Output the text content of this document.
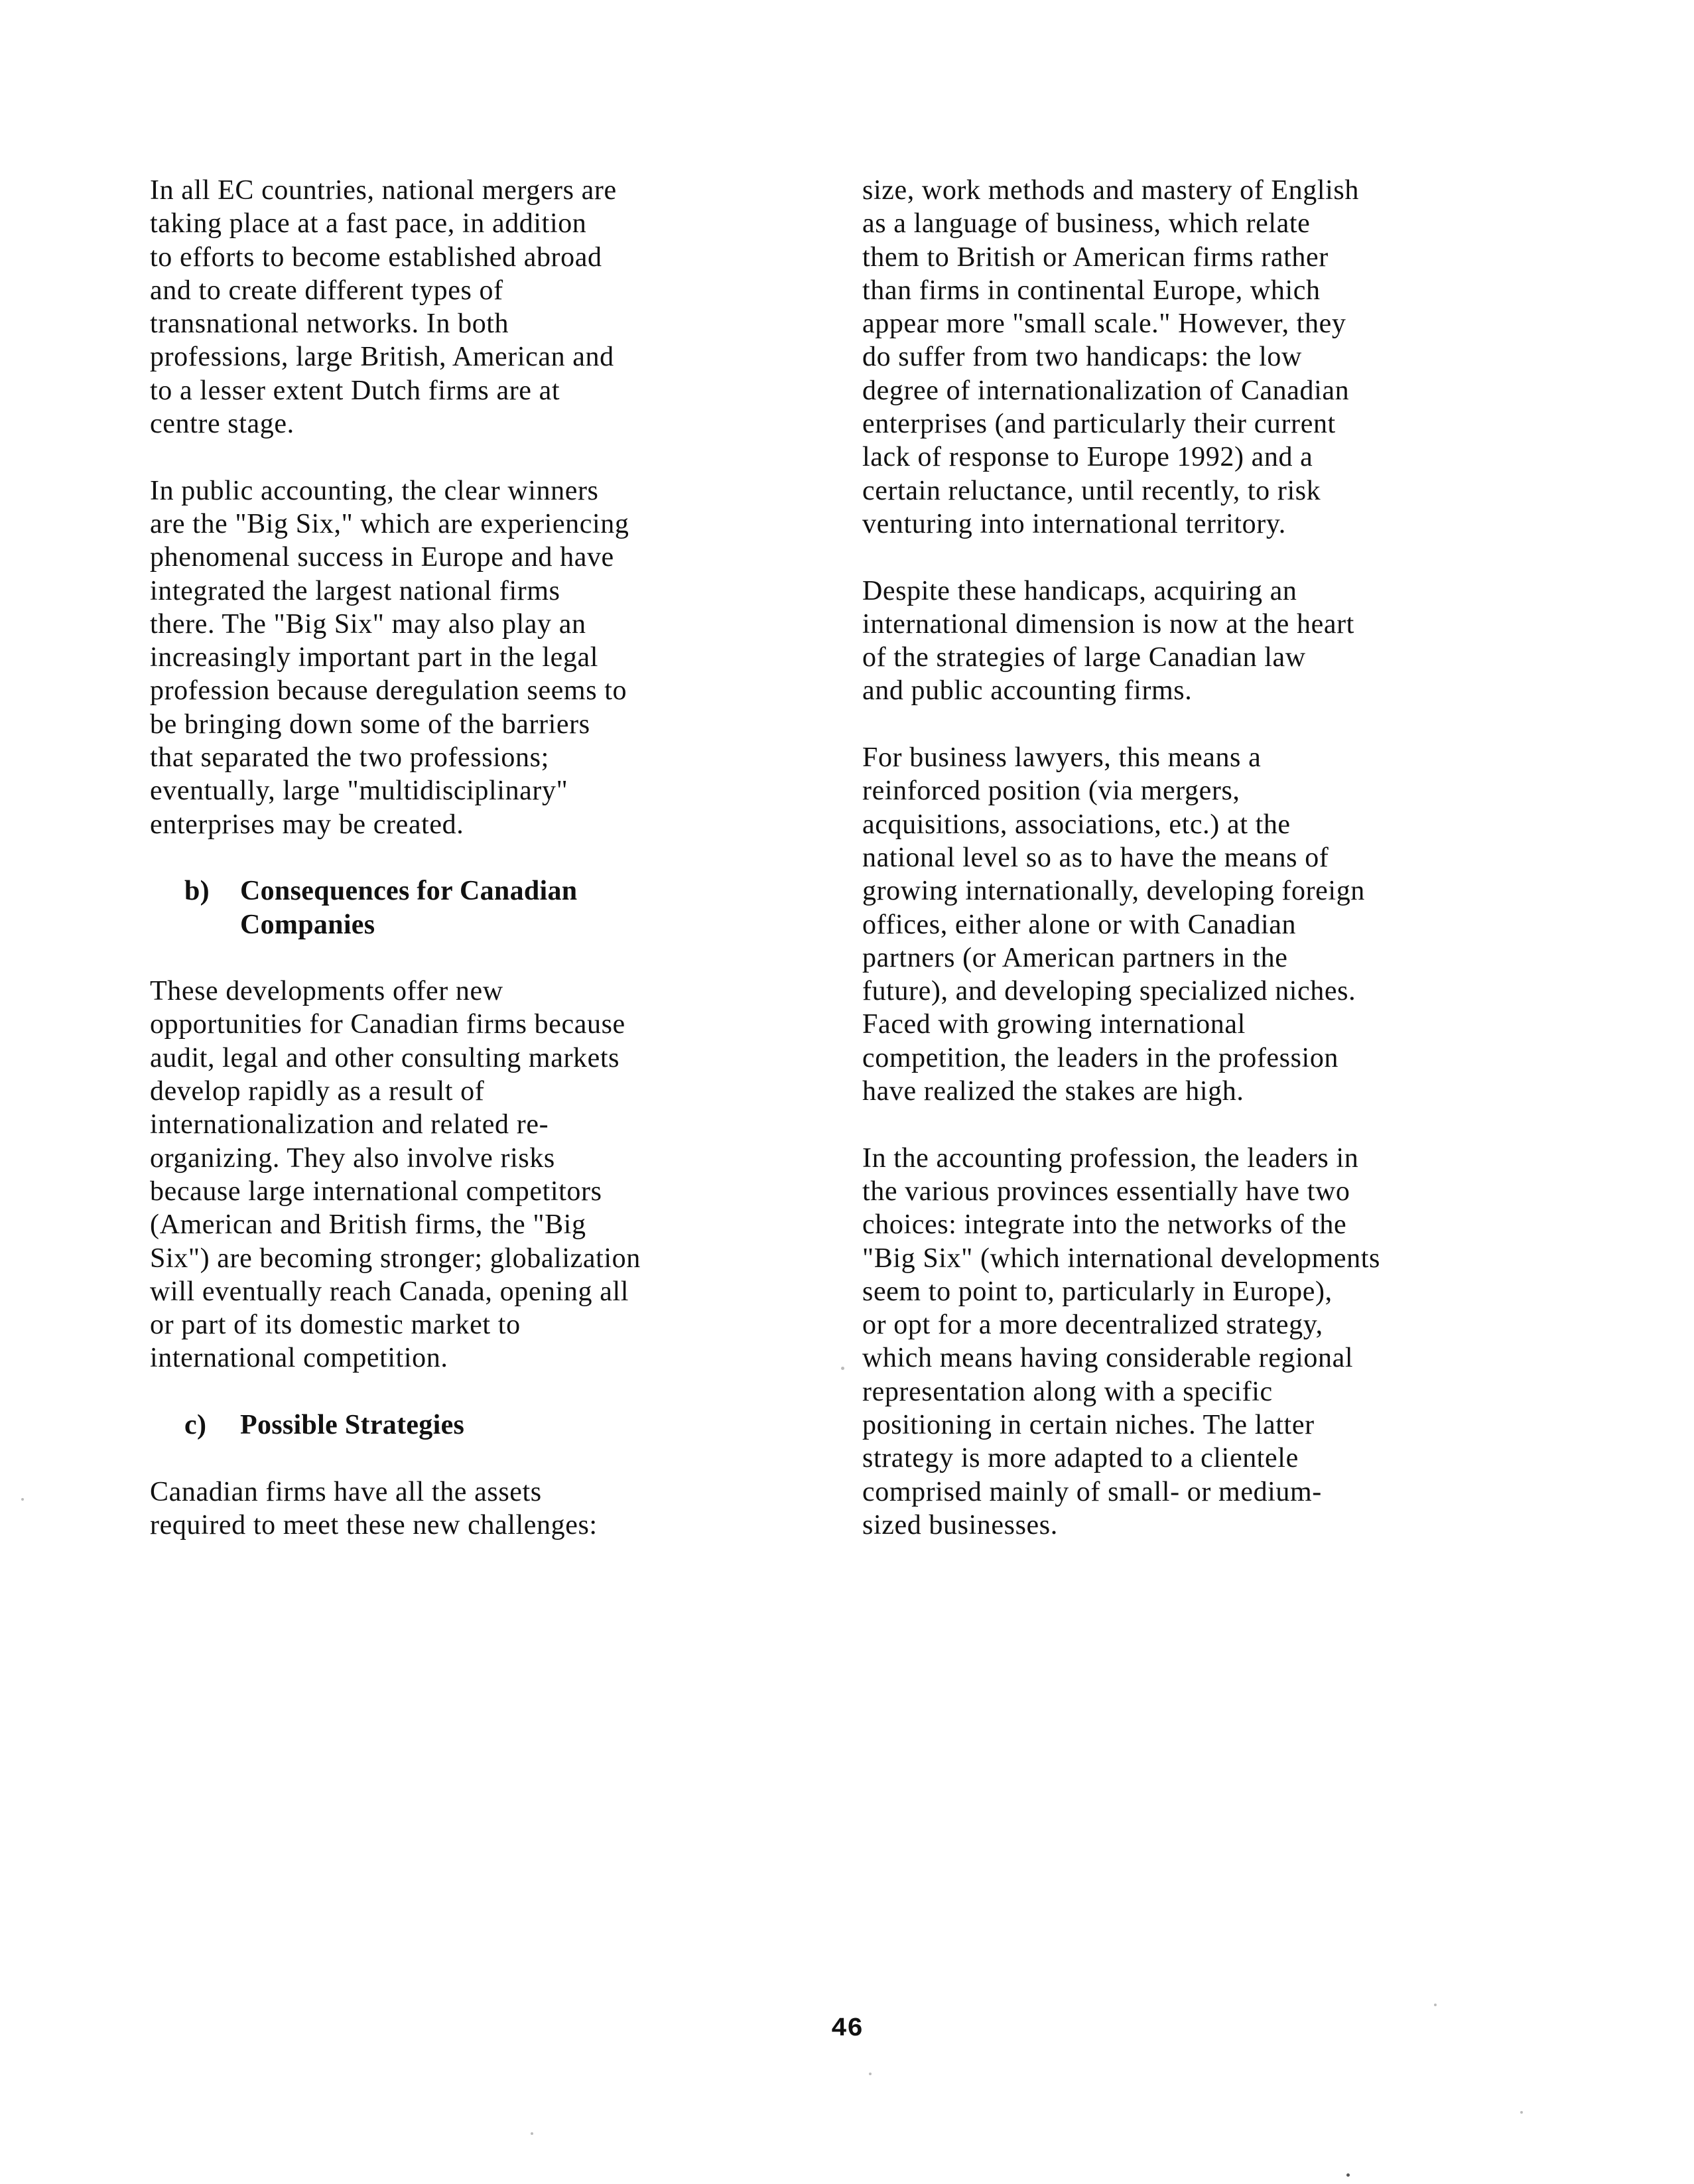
In all EC countries, national mergers are
taking place at a fast pace, in addition
to efforts to become established abroad
and to create different types of
transnational networks. In both
professions, large British, American and
to a lesser extent Dutch firms are at
centre stage.

In public accounting, the clear winners
are the "Big Six," which are experiencing
phenomenal success in Europe and have
integrated the largest national firms
there. The "Big Six" may also play an
increasingly important part in the legal
profession because deregulation seems to
be bringing down some of the barriers
that separated the two professions;
eventually, large "multidisciplinary"
enterprises may be created.

b) Consequences for Canadian
Companies

These developments offer new
opportunities for Canadian firms because
audit, legal and other consulting markets
develop rapidly as a result of
internationalization and related re-
organizing. They also involve risks
because large international competitors
(American and British firms, the "Big
Six") are becoming stronger; globalization
will eventually reach Canada, opening all
or part of its domestic market to
international competition.

c) Possible Strategies

Canadian firms have all the assets
required to meet these new challenges:

size, work methods and mastery of English
as a language of business, which relate
them to British or American firms rather
than firms in continental Europe, which
appear more "small scale." However, they
do suffer from two handicaps: the low
degree of internationalization of Canadian
enterprises (and particularly their current
lack of response to Europe 1992) and a
certain reluctance, until recently, to risk
venturing into international territory.

Despite these handicaps, acquiring an
international dimension is now at the heart
of the strategies of large Canadian law
and public accounting firms.

For business lawyers, this means a
reinforced position (via mergers,
acquisitions, associations, etc.) at the
national level so as to have the means of
growing internationally, developing foreign
offices, either alone or with Canadian
partners (or American partners in the
future), and developing specialized niches.
Faced with growing international
competition, the leaders in the profession
have realized the stakes are high.

In the accounting profession, the leaders in
the various provinces essentially have two
choices: integrate into the networks of the
"Big Six" (which international developments
seem to point to, particularly in Europe),
or opt for a more decentralized strategy,
which means having considerable regional
representation along with a specific
positioning in certain niches. The latter
strategy is more adapted to a clientele
comprised mainly of small- or medium-
sized businesses.

46
